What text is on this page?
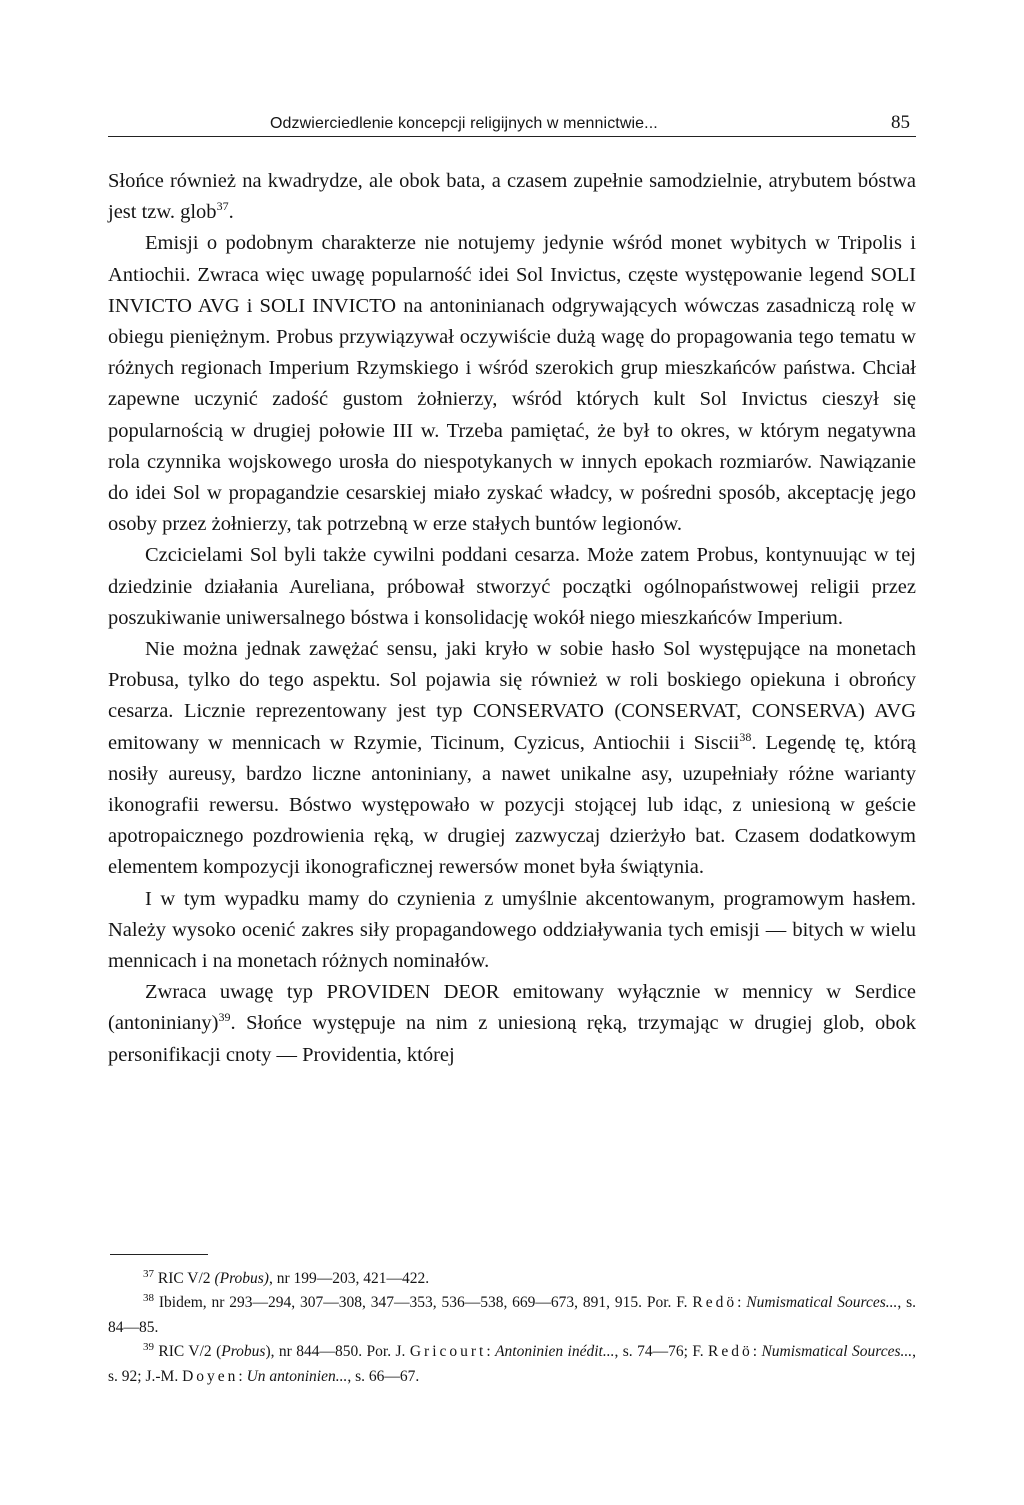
Odzwierciedlenie koncepcji religijnych w mennictwie...	85

Słońce również na kwadrydze, ale obok bata, a czasem zupełnie samodzielnie, atrybutem bóstwa jest tzw. glob$^{37}$.

Emisji o podobnym charakterze nie notujemy jedynie wśród monet wybitych w Tripolis i Antiochii. Zwraca więc uwagę popularność idei Sol Invictus, częste występowanie legend SOLI INVICTO AVG i SOLI INVICTO na antoninianach odgrywających wówczas zasadniczą rolę w obiegu pieniężnym. Probus przywiązywał oczywiście dużą wagę do propagowania tego tematu w różnych regionach Imperium Rzymskiego i wśród szerokich grup mieszkańców państwa. Chciał zapewne uczynić zadość gustom żołnierzy, wśród których kult Sol Invictus cieszył się popularnością w drugiej połowie III w. Trzeba pamiętać, że był to okres, w którym negatywna rola czynnika wojskowego urosła do niespotykanych w innych epokach rozmiarów. Nawiązanie do idei Sol w propagandzie cesarskiej miało zyskać władcy, w pośredni sposób, akceptację jego osoby przez żołnierzy, tak potrzebną w erze stałych buntów legionów.

Czcicielami Sol byli także cywilni poddani cesarza. Może zatem Probus, kontynuując w tej dziedzinie działania Aureliana, próbował stworzyć początki ogólnopaństwowej religii przez poszukiwanie uniwersalnego bóstwa i konsolidację wokół niego mieszkańców Imperium.

Nie można jednak zawężać sensu, jaki kryło w sobie hasło Sol występujące na monetach Probusa, tylko do tego aspektu. Sol pojawia się również w roli boskiego opiekuna i obrońcy cesarza. Licznie reprezentowany jest typ CONSERVATO (CONSERVAT, CONSERVA) AVG emitowany w mennicach w Rzymie, Ticinum, Cyzicus, Antiochii i Siscii$^{38}$. Legendę tę, którą nosiły aureusy, bardzo liczne antoniniany, a nawet unikalne asy, uzupełniały różne warianty ikonografii rewersu. Bóstwo występowało w pozycji stojącej lub idąc, z uniesioną w geście apotropaicznego pozdrowienia ręką, w drugiej zazwyczaj dzierżyło bat. Czasem dodatkowym elementem kompozycji ikonograficznej rewersów monet była świątynia.

I w tym wypadku mamy do czynienia z umyślnie akcentowanym, programowym hasłem. Należy wysoko ocenić zakres siły propagandowego oddziaływania tych emisji — bitych w wielu mennicach i na monetach różnych nominałów.

Zwraca uwagę typ PROVIDEN DEOR emitowany wyłącznie w mennicy w Serdice (antoniniany)$^{39}$. Słońce występuje na nim z uniesioną ręką, trzymając w drugiej glob, obok personifikacji cnoty — Providentia, której

$^{37}$ RIC V/2 (Probus), nr 199—203, 421—422.

$^{38}$ Ibidem, nr 293—294, 307—308, 347—353, 536—538, 669—673, 891, 915. Por. F. Redö: Numismatical Sources..., s. 84—85.

$^{39}$ RIC V/2 (Probus), nr 844—850. Por. J. Gricourt: Antoninien inédit..., s. 74—76; F. Redö: Numismatical Sources..., s. 92; J.-M. Doyen: Un antoninien..., s. 66—67.
